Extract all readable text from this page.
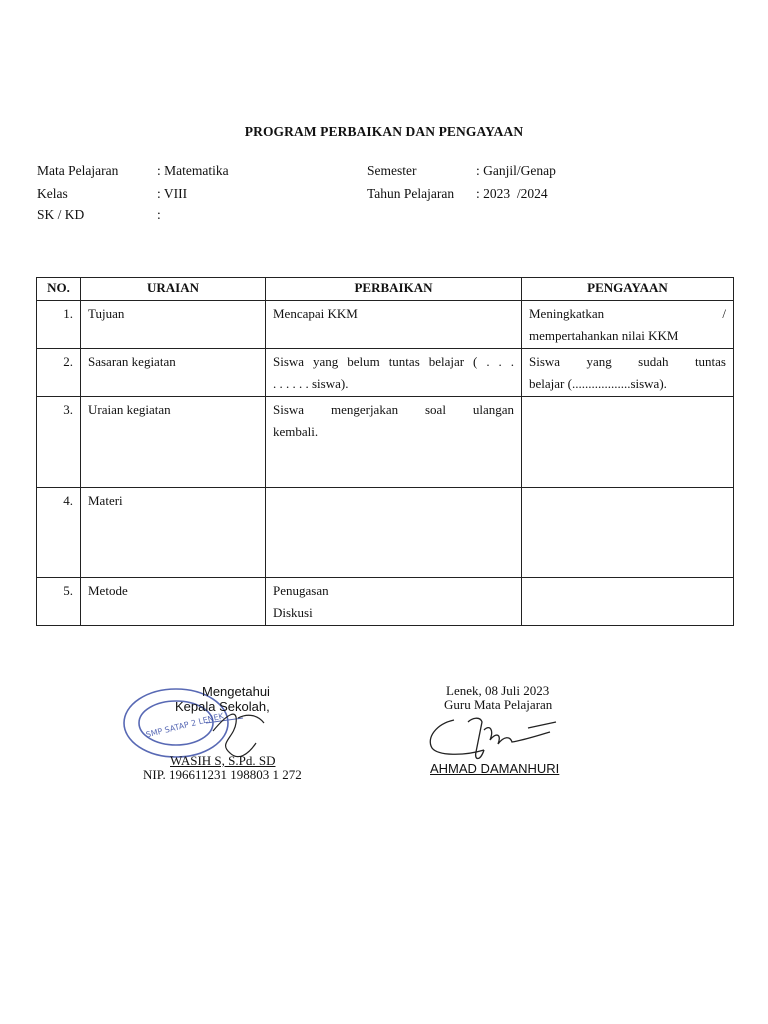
PROGRAM PERBAIKAN DAN PENGAYAAN
Mata Pelajaran	: Matematika
Kelas	: VIII
SK / KD	:
Semester	: Ganjil/Genap
Tahun Pelajaran : 2023  /2024
NO.	URAIAN	PERBAIKAN	PENGAYAAN
1.	Tujuan	Mencapai KKM	Meningkatkan /
mempertahankan nilai KKM
2.	Sasaran kegiatan	Siswa yang belum tuntas belajar ( . . .
. . . . . . siswa).	Siswa yang sudah tuntas
belajar (..................siswa).
3.	Uraian kegiatan	Siswa mengerjakan soal ulangan
kembali.	
4.	Materi		
5.	Metode	Penugasan
Diskusi	
SMP SATAP 2 LENEK
Mengetahui
Kepala Sekolah,
WASIH S, S.Pd. SD
NIP. 196611231 198803 1 272
Lenek, 08 Juli 2023
Guru Mata Pelajaran
AHMAD DAMANHURI
